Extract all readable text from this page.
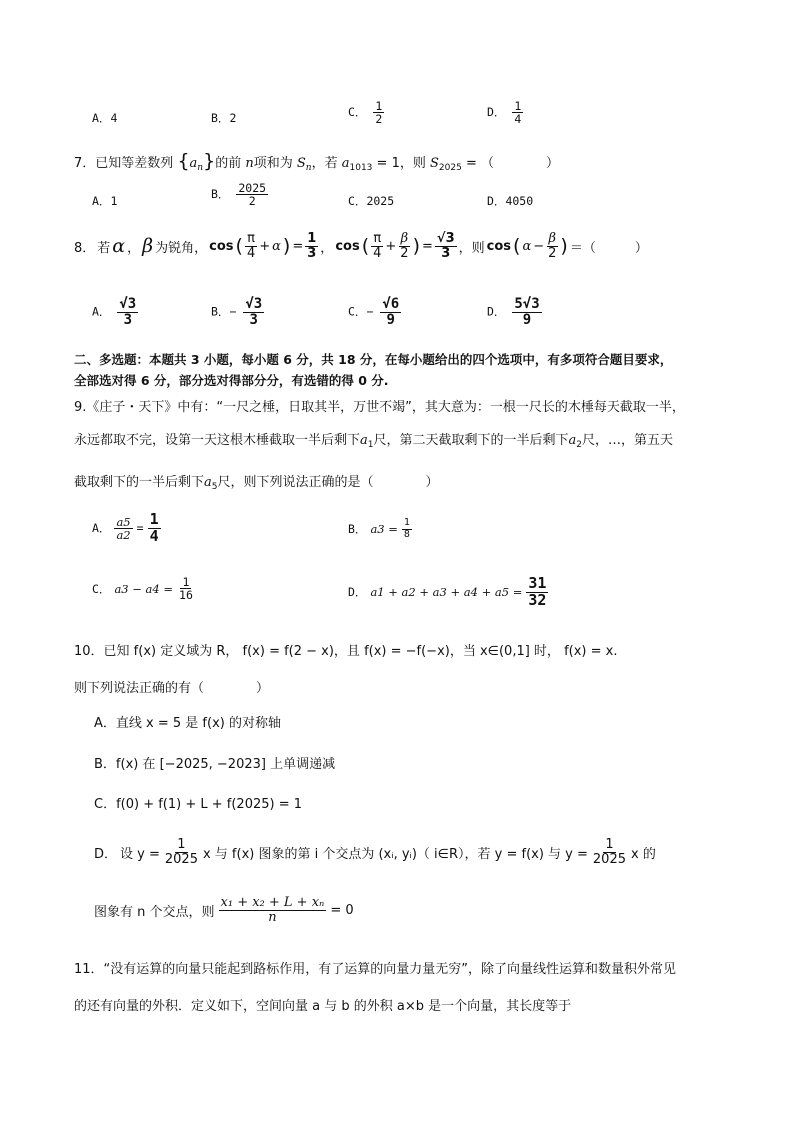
A．4	B．2	C． $\frac{1}{2}$	D． $\frac{1}{4}$
7．已知等差数列 $\{a_n\}$的前 n项和为 $S_n$，若 $a_{1013} = 1$，则 $S_{2025}$ = （　　　　）
A．1	B． $\frac{2025}{2}$	C．2025	D．4050
8． 若 α ， β 为锐角， cos ( $\frac{\pi}{4} + \alpha$ ) = $\frac{1}{3}$ ， cos ( $\frac{\pi}{4} + \frac{\beta}{2}$ ) = $\frac{√3}{3}$ ，则 cos ( $\alpha - \frac{\beta}{2}$ ) ＝（　　　）
A． $\frac{√3}{3}$	B．− $\frac{√3}{3}$	C．− $\frac{√6}{9}$	D． $\frac{5√3}{9}$
二、多选题：本题共 3 小题，每小题 6 分，共 18 分，在每小题给出的四个选项中，有多项符合题目要求，
全部选对得 6 分，部分选对得部分分，有选错的得 0 分.
9.《庄子・天下》中有：“一尺之棰，日取其半，万世不竭”，其大意为：一根一尺长的木棰每天截取一半，
永远都取不完，设第一天这根木棰截取一半后剩下$a_1$尺，第二天截取剩下的一半后剩下$a_2$尺，…，第五天
截取剩下的一半后剩下$a_5$尺，则下列说法正确的是（　　　　）
A． $\frac{a5}{a2} = \frac{1}{4}$	B． $a3 = \frac{1}{8}$
C． $a3 - a4 = \frac{1}{16}$	D． $a1 + a2 + a3 + a4 + a5 = \frac{31}{32}$
10．已知 f(x) 定义域为 R， f(x) = f(2 − x)，且 f(x) = −f(−x)，当 x∈(0,1] 时， f(x) = x.
则下列说法正确的有（　　　　）
A．直线 x = 5 是 f(x) 的对称轴
B．f(x) 在 [−2025, −2023] 上单调递减
C．f(0) + f(1) + L + f(2025) = 1
D． 设 $y = \frac{1}{2025}$ x 与 f(x) 图象的第 i 个交点为 (xᵢ, yᵢ)（ i∈R），若 y = f(x) 与 $y = \frac{1}{2025}$ x 的
图象有 n 个交点，则 $\frac{\text{x₁ + x₂ + L + xₙ}}{n} = 0$
11．“没有运算的向量只能起到路标作用，有了运算的向量力量无穷”，除了向量线性运算和数量积外常见
的还有向量的外积．定义如下，空间向量 a 与 b 的外积 a×b 是一个向量，其长度等于
